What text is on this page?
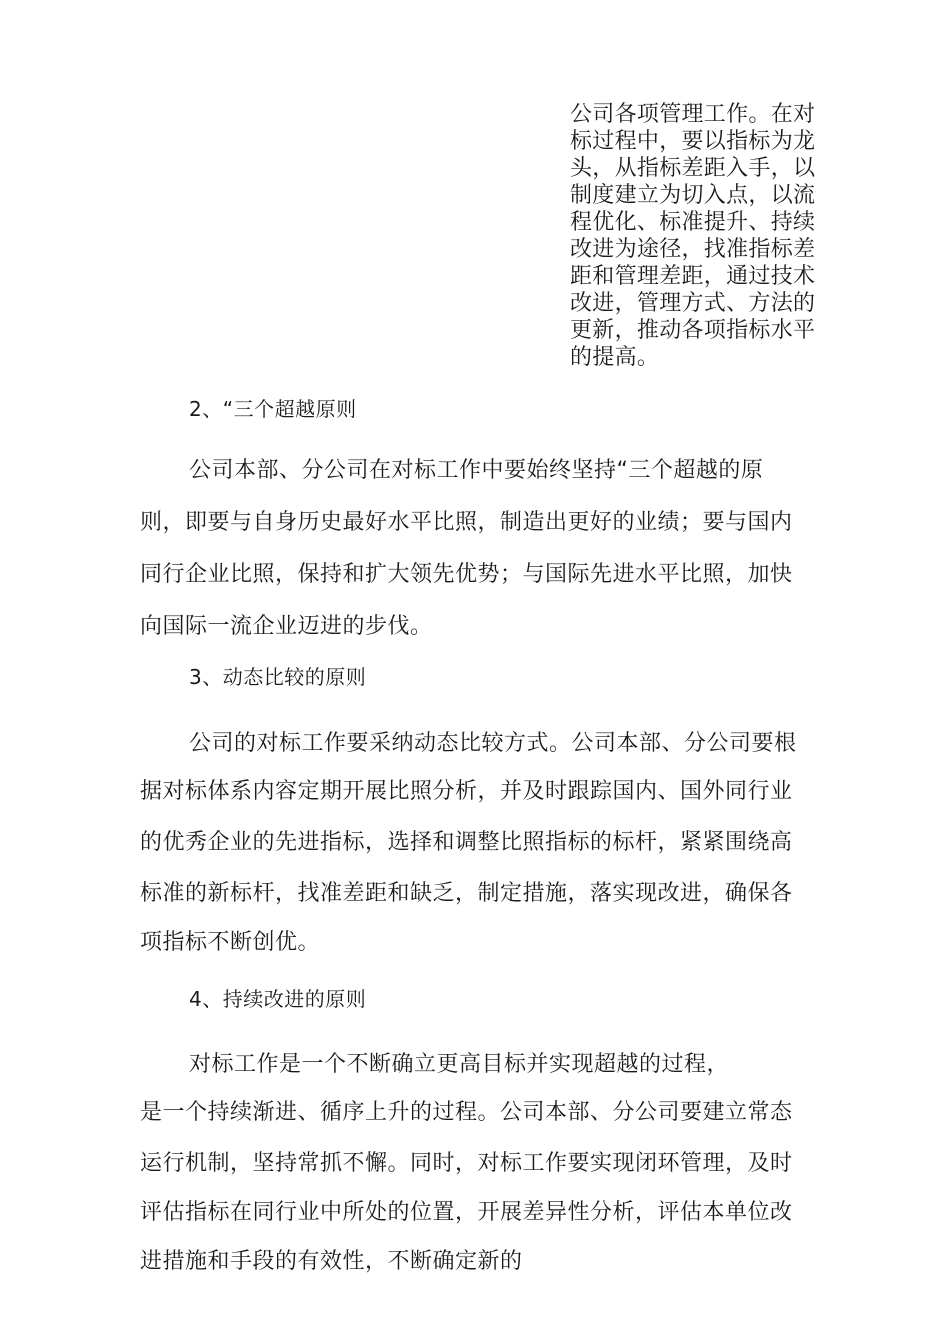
公司各项管理工作。在对
标过程中，要以指标为龙
头，从指标差距入手，以
制度建立为切入点，以流
程优化、标准提升、持续
改进为途径，找准指标差
距和管理差距，通过技术
改进，管理方式、方法的
更新，推动各项指标水平
的提高。
2、“三个超越原则
公司本部、分公司在对标工作中要始终坚持“三个超越的原
则，即要与自身历史最好水平比照，制造出更好的业绩；要与国内
同行企业比照，保持和扩大领先优势；与国际先进水平比照，加快
向国际一流企业迈进的步伐。
3、动态比较的原则
公司的对标工作要采纳动态比较方式。公司本部、分公司要根
据对标体系内容定期开展比照分析，并及时跟踪国内、国外同行业
的优秀企业的先进指标，选择和调整比照指标的标杆，紧紧围绕高
标准的新标杆，找准差距和缺乏，制定措施，落实现改进，确保各
项指标不断创优。
4、持续改进的原则
对标工作是一个不断确立更高目标并实现超越的过程，
是一个持续渐进、循序上升的过程。公司本部、分公司要建立常态
运行机制，坚持常抓不懈。同时，对标工作要实现闭环管理，及时
评估指标在同行业中所处的位置，开展差异性分析，评估本单位改
进措施和手段的有效性，不断确定新的
